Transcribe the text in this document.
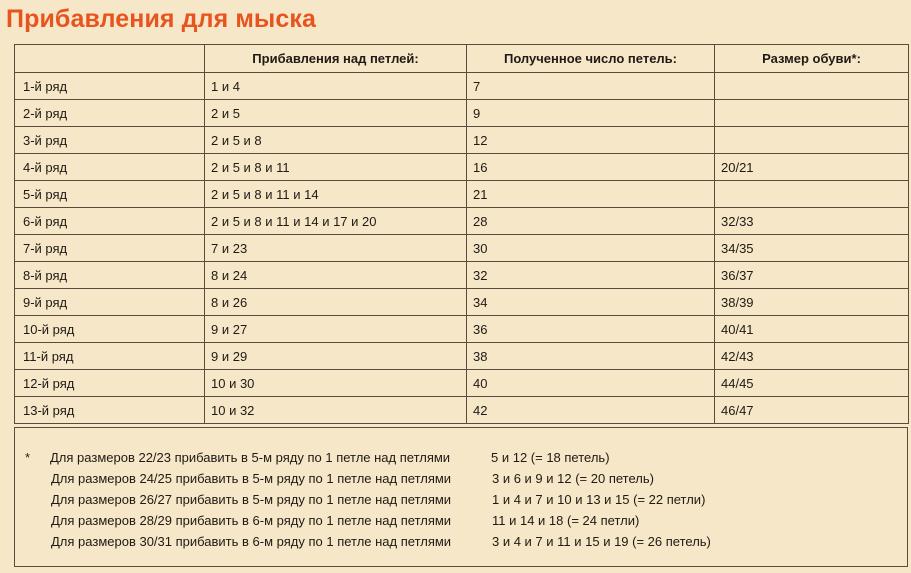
Прибавления для мыска
	Прибавления над петлей:	Полученное число петель:	Размер обуви*:
1-й ряд	1 и 4	7	
2-й ряд	2 и 5	9	
3-й ряд	2 и 5 и 8	12	
4-й ряд	2 и 5 и 8 и 11	16	20/21
5-й ряд	2 и 5 и 8 и 11 и 14	21	
6-й ряд	2 и 5 и 8 и 11 и 14 и 17 и 20	28	32/33
7-й ряд	7 и 23	30	34/35
8-й ряд	8 и 24	32	36/37
9-й ряд	8 и 26	34	38/39
10-й ряд	9 и 27	36	40/41
11-й ряд	9 и 29	38	42/43
12-й ряд	10 и 30	40	44/45
13-й ряд	10 и 32	42	46/47
* Для размеров 22/23 прибавить в 5-м ряду по 1 петле над петлями	5 и 12 (= 18 петель)
Для размеров 24/25 прибавить в 5-м ряду по 1 петле над петлями	3 и 6 и 9 и 12 (= 20 петель)
Для размеров 26/27 прибавить в 5-м ряду по 1 петле над петлями	1 и 4 и 7 и 10 и 13 и 15 (= 22 петли)
Для размеров 28/29 прибавить в 6-м ряду по 1 петле над петлями	11 и 14 и 18 (= 24 петли)
Для размеров 30/31 прибавить в 6-м ряду по 1 петле над петлями	3 и 4 и 7 и 11 и 15 и 19 (= 26 петель)
